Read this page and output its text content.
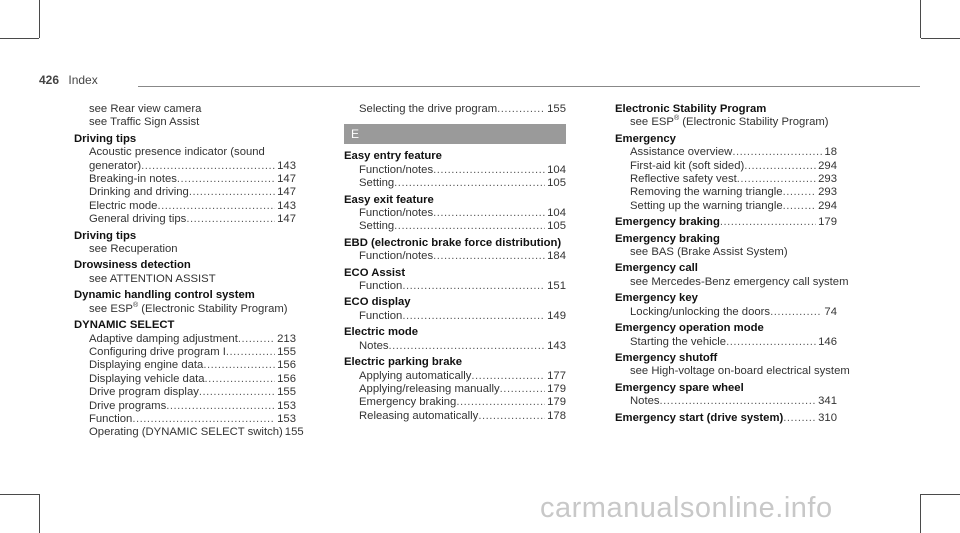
426 Index
see Rear view camera
see Traffic Sign Assist
Driving tips
Acoustic presence indicator (sound
generator) .....	143
Breaking-in notes .....	147
Drinking and driving .....	147
Electric mode .....	143
General driving tips .....	147
Driving tips
see Recuperation
Drowsiness detection
see ATTENTION ASSIST
Dynamic handling control system
see ESP® (Electronic Stability Program)
DYNAMIC SELECT
Adaptive damping adjustment .....	213
Configuring drive program I .....	155
Displaying engine data .....	156
Displaying vehicle data .....	156
Drive program display .....	155
Drive programs .....	153
Function .....	153
Operating (DYNAMIC SELECT switch) 155
Selecting the drive program .....	155
E
Easy entry feature
Function/notes .....	104
Setting .....	105
Easy exit feature
Function/notes .....	104
Setting .....	105
EBD (electronic brake force distribution)
Function/notes .....	184
ECO Assist
Function .....	151
ECO display
Function .....	149
Electric mode
Notes .....	143
Electric parking brake
Applying automatically .....	177
Applying/releasing manually .....	179
Emergency braking .....	179
Releasing automatically .....	178
Electronic Stability Program
see ESP® (Electronic Stability Program)
Emergency
Assistance overview .....	18
First-aid kit (soft sided) .....	294
Reflective safety vest .....	293
Removing the warning triangle .....	293
Setting up the warning triangle .....	294
Emergency braking .....	179
Emergency braking
see BAS (Brake Assist System)
Emergency call
see Mercedes-Benz emergency call system
Emergency key
Locking/unlocking the doors .....	74
Emergency operation mode
Starting the vehicle .....	146
Emergency shutoff
see High-voltage on-board electrical system
Emergency spare wheel
Notes .....	341
Emergency start (drive system) .....	310
carmanualsonline.info
